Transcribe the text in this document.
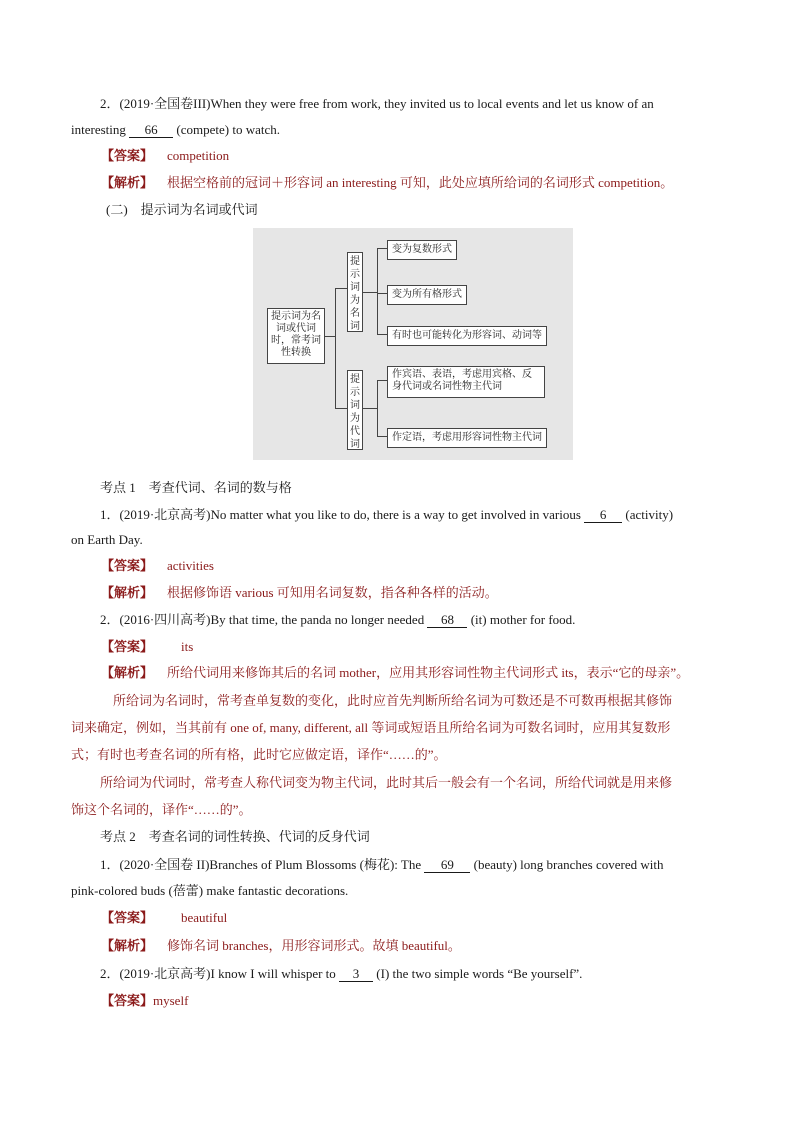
2．(2019·全国卷III)When they were free from work, they invited us to local events and let us know of an
interesting 66 (compete) to watch.
【答案】 competition
【解析】 根据空格前的冠词＋形容词 an interesting 可知，此处应填所给词的名词形式 competition。
(二)　提示词为名词或代词
提示词为名词或代词时，常考词性转换
提示词为名词
提示词为代词
变为复数形式
变为所有格形式
有时也可能转化为形容词、动词等
作宾语、表语，考虑用宾格、反身代词或名词性物主代词
作定语，考虑用形容词性物主代词
考点 1　考查代词、名词的数与格
1．(2019·北京高考)No matter what you like to do, there is a way to get involved in various 6 (activity)
on Earth Day.
【答案】 activities
【解析】 根据修饰语 various 可知用名词复数，指各种各样的活动。
2．(2016·四川高考)By that time, the panda no longer needed 68 (it) mother for food.
【答案】 its
【解析】 所给代词用来修饰其后的名词 mother，应用其形容词性物主代词形式 its，表示“它的母亲”。
所给词为名词时，常考查单复数的变化，此时应首先判断所给名词为可数还是不可数再根据其修饰
词来确定，例如，当其前有 one of, many, different, all 等词或短语且所给名词为可数名词时，应用其复数形
式；有时也考查名词的所有格，此时它应做定语，译作“……的”。
所给词为代词时，常考查人称代词变为物主代词，此时其后一般会有一个名词，所给代词就是用来修
饰这个名词的，译作“……的”。
考点 2　考查名词的词性转换、代词的反身代词
1．(2020·全国卷 II)Branches of Plum Blossoms (梅花): The 69 (beauty) long branches covered with
pink-colored buds (蓓蕾) make fantastic decorations.
【答案】 beautiful
【解析】 修饰名词 branches，用形容词形式。故填 beautiful。
2．(2019·北京高考)I know I will whisper to 3 (I) the two simple words “Be yourself”.
【答案】myself
